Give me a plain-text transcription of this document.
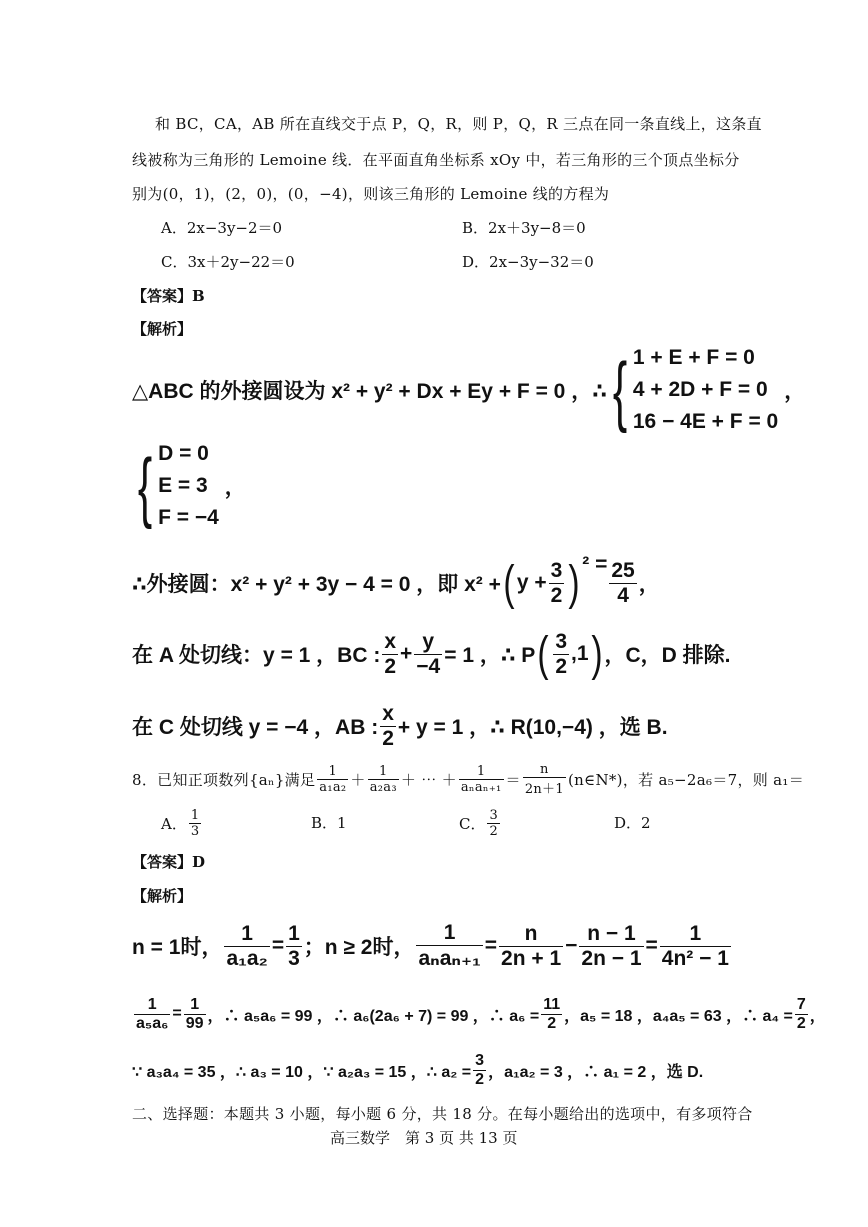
和 BC，CA，AB 所在直线交于点 P，Q，R，则 P，Q，R 三点在同一条直线上，这条直
线被称为三角形的 Lemoine 线．在平面直角坐标系 xOy 中，若三角形的三个顶点坐标分
别为(0，1)，(2，0)，(0，−4)，则该三角形的 Lemoine 线的方程为
A．2x−3y−2＝0	B．2x＋3y−8＝0
C．3x＋2y−22＝0	D．2x−3y−32＝0
【答案】B
【解析】
△ABC 的外接圆设为 x² + y² + Dx + Ey + F = 0 ，∴ { 1 + E + F = 0
4 + 2D + F = 0
16 − 4E + F = 0
，
{ D = 0
E = 3
F = −4
，
∴外接圆：x² + y² + 3y − 4 = 0 ，即 x² + ( $y + \frac{3}{2}$ ) $^2 = \frac{25}{4}$ ，
在 A 处切线：y = 1 ，BC : $\frac{x}{2} + \frac{y}{-4} = 1$ ，∴ P ( $\frac{3}{2} ,1$ ) ，C，D 排除.
在 C 处切线 y = −4 ，AB : $\frac{x}{2} + y = 1$ ，∴ R(10,−4) ，选 B.
8．已知正项数列{aₙ}满足 $\frac{1}{\text{a₁a₂}} + \frac{1}{\text{a₂a₃}}$ ＋ ⋯ ＋ $\frac{1}{\text{aₙaₙ₊₁}} = \frac{n}{2n+1}$ (n∈N*)，若 a₅−2a₆＝7，则 a₁＝
A． $\frac{1}{3}$	B．1	C． $\frac{3}{2}$	D．2
【答案】D
【解析】
n = 1时， $\frac{1}{\text{a₁a₂}} = \frac{1}{3}$ ；n ≥ 2时， $\frac{1}{\text{aₙaₙ₊₁}} = \frac{n}{2n + 1} - \frac{n - 1}{2n - 1} = \frac{1}{\text{4n² − 1}}$
$\frac{1}{\text{a₅a₆}} = \frac{1}{99}$ ，∴ a₅a₆ = 99 ，∴ a₆(2a₆ + 7) = 99 ，∴ $a_6 = \frac{11}{2}$ ，a₅ = 18 ，a₄a₅ = 63 ，∴ $a_4 = \frac{7}{2}$ ，
∵ a₃a₄ = 35 ，∴ a₃ = 10 ，∵ a₂a₃ = 15 ，∴ $a_2 = \frac{3}{2}$ ，a₁a₂ = 3 ，∴ a₁ = 2 ，选 D.
二、选择题：本题共 3 小题，每小题 6 分，共 18 分。在每小题给出的选项中，有多项符合
高三数学　第 3 页 共 13 页
